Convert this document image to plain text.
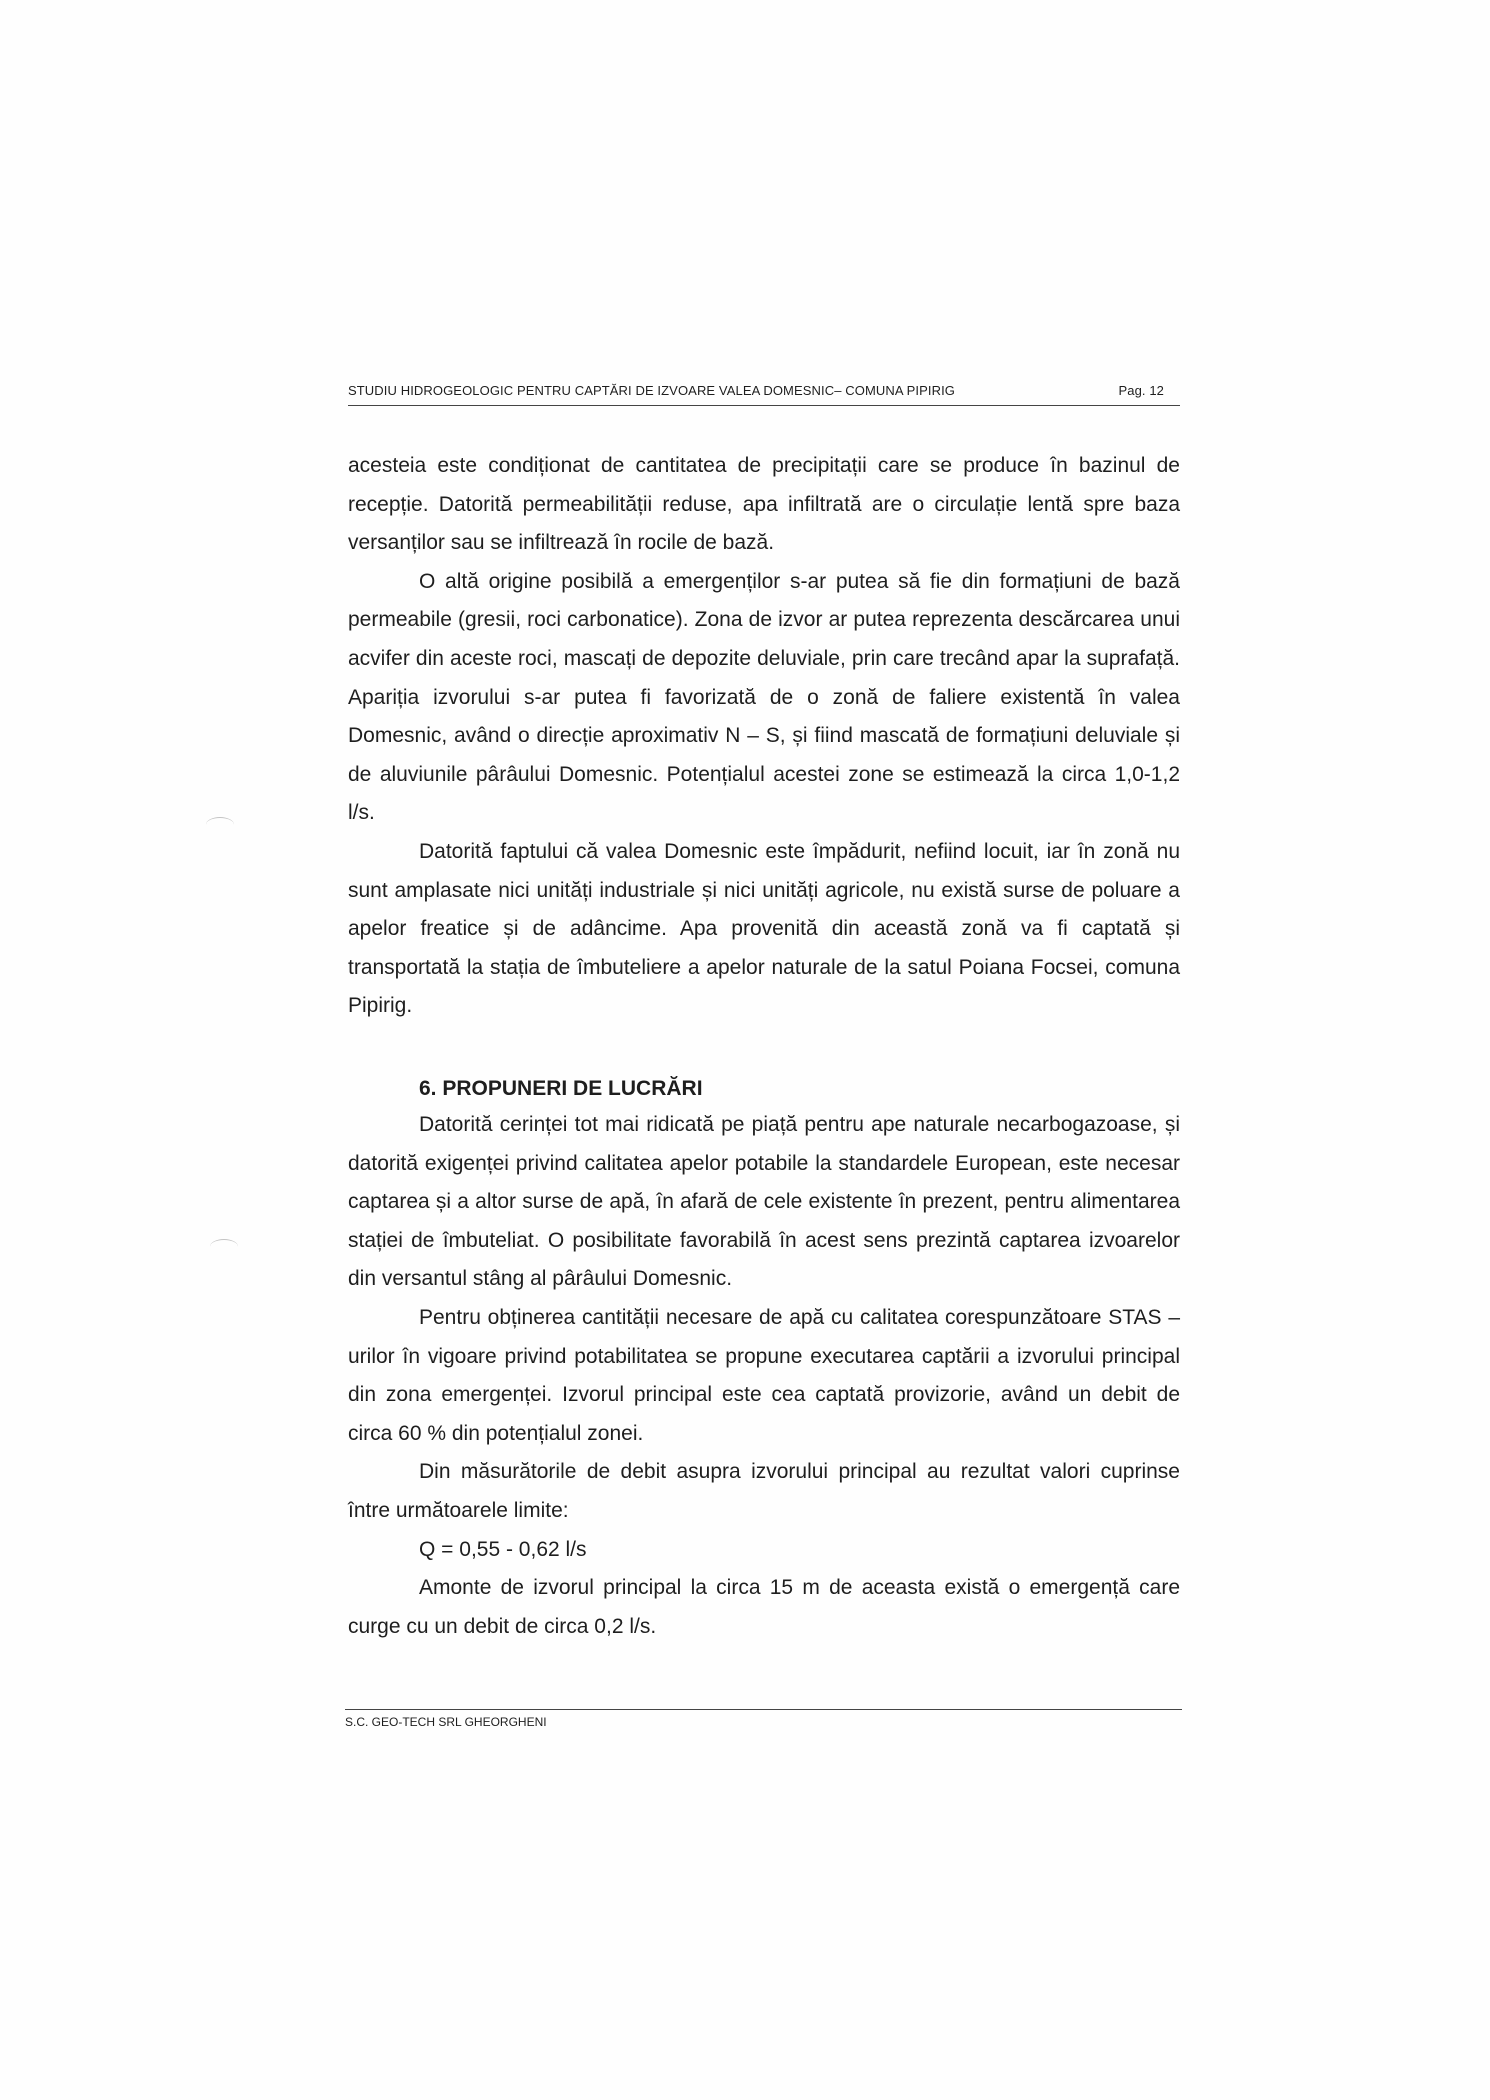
STUDIU HIDROGEOLOGIC PENTRU CAPTĂRI DE IZVOARE VALEA DOMESNIC– COMUNA PIPIRIG	Pag. 12

acesteia este condiționat de cantitatea de precipitații care se produce în bazinul de recepție. Datorită permeabilității reduse, apa infiltrată are o circulație lentă spre baza versanților sau se infiltrează în rocile de bază.

O altă origine posibilă a emergenților s-ar putea să fie din formațiuni de bază permeabile (gresii, roci carbonatice). Zona de izvor ar putea reprezenta descărcarea unui acvifer din aceste roci, mascați de depozite deluviale, prin care trecând apar la suprafață. Apariția izvorului s-ar putea fi favorizată de o zonă de faliere existentă în valea Domesnic, având o direcție aproximativ N – S, și fiind mascată de formațiuni deluviale și de aluviunile pârâului Domesnic. Potențialul acestei zone se estimează la circa 1,0-1,2 l/s.

Datorită faptului că valea Domesnic este împădurit, nefiind locuit, iar în zonă nu sunt amplasate nici unități industriale și nici unități agricole, nu există surse de poluare a apelor freatice și de adâncime. Apa provenită din această zonă va fi captată și transportată la stația de îmbuteliere a apelor naturale de la satul Poiana Focsei, comuna Pipirig.

6. PROPUNERI DE LUCRĂRI

Datorită cerinței tot mai ridicată pe piață pentru ape naturale necarbogazoase, și datorită exigenței privind calitatea apelor potabile la standardele European, este necesar captarea și a altor surse de apă, în afară de cele existente în prezent, pentru alimentarea stației de îmbuteliat. O posibilitate favorabilă în acest sens prezintă captarea izvoarelor din versantul stâng al pârâului Domesnic.

Pentru obținerea cantității necesare de apă cu calitatea corespunzătoare STAS – urilor în vigoare privind potabilitatea se propune executarea captării a izvorului principal din zona emergenței. Izvorul principal este cea captată provizorie, având un debit de circa 60 % din potențialul zonei.

Din măsurătorile de debit asupra izvorului principal au rezultat valori cuprinse între următoarele limite:

Q = 0,55 - 0,62 l/s

Amonte de izvorul principal la circa 15 m de aceasta există o emergență care curge cu un debit de circa 0,2 l/s.

S.C. GEO-TECH SRL GHEORGHENI
